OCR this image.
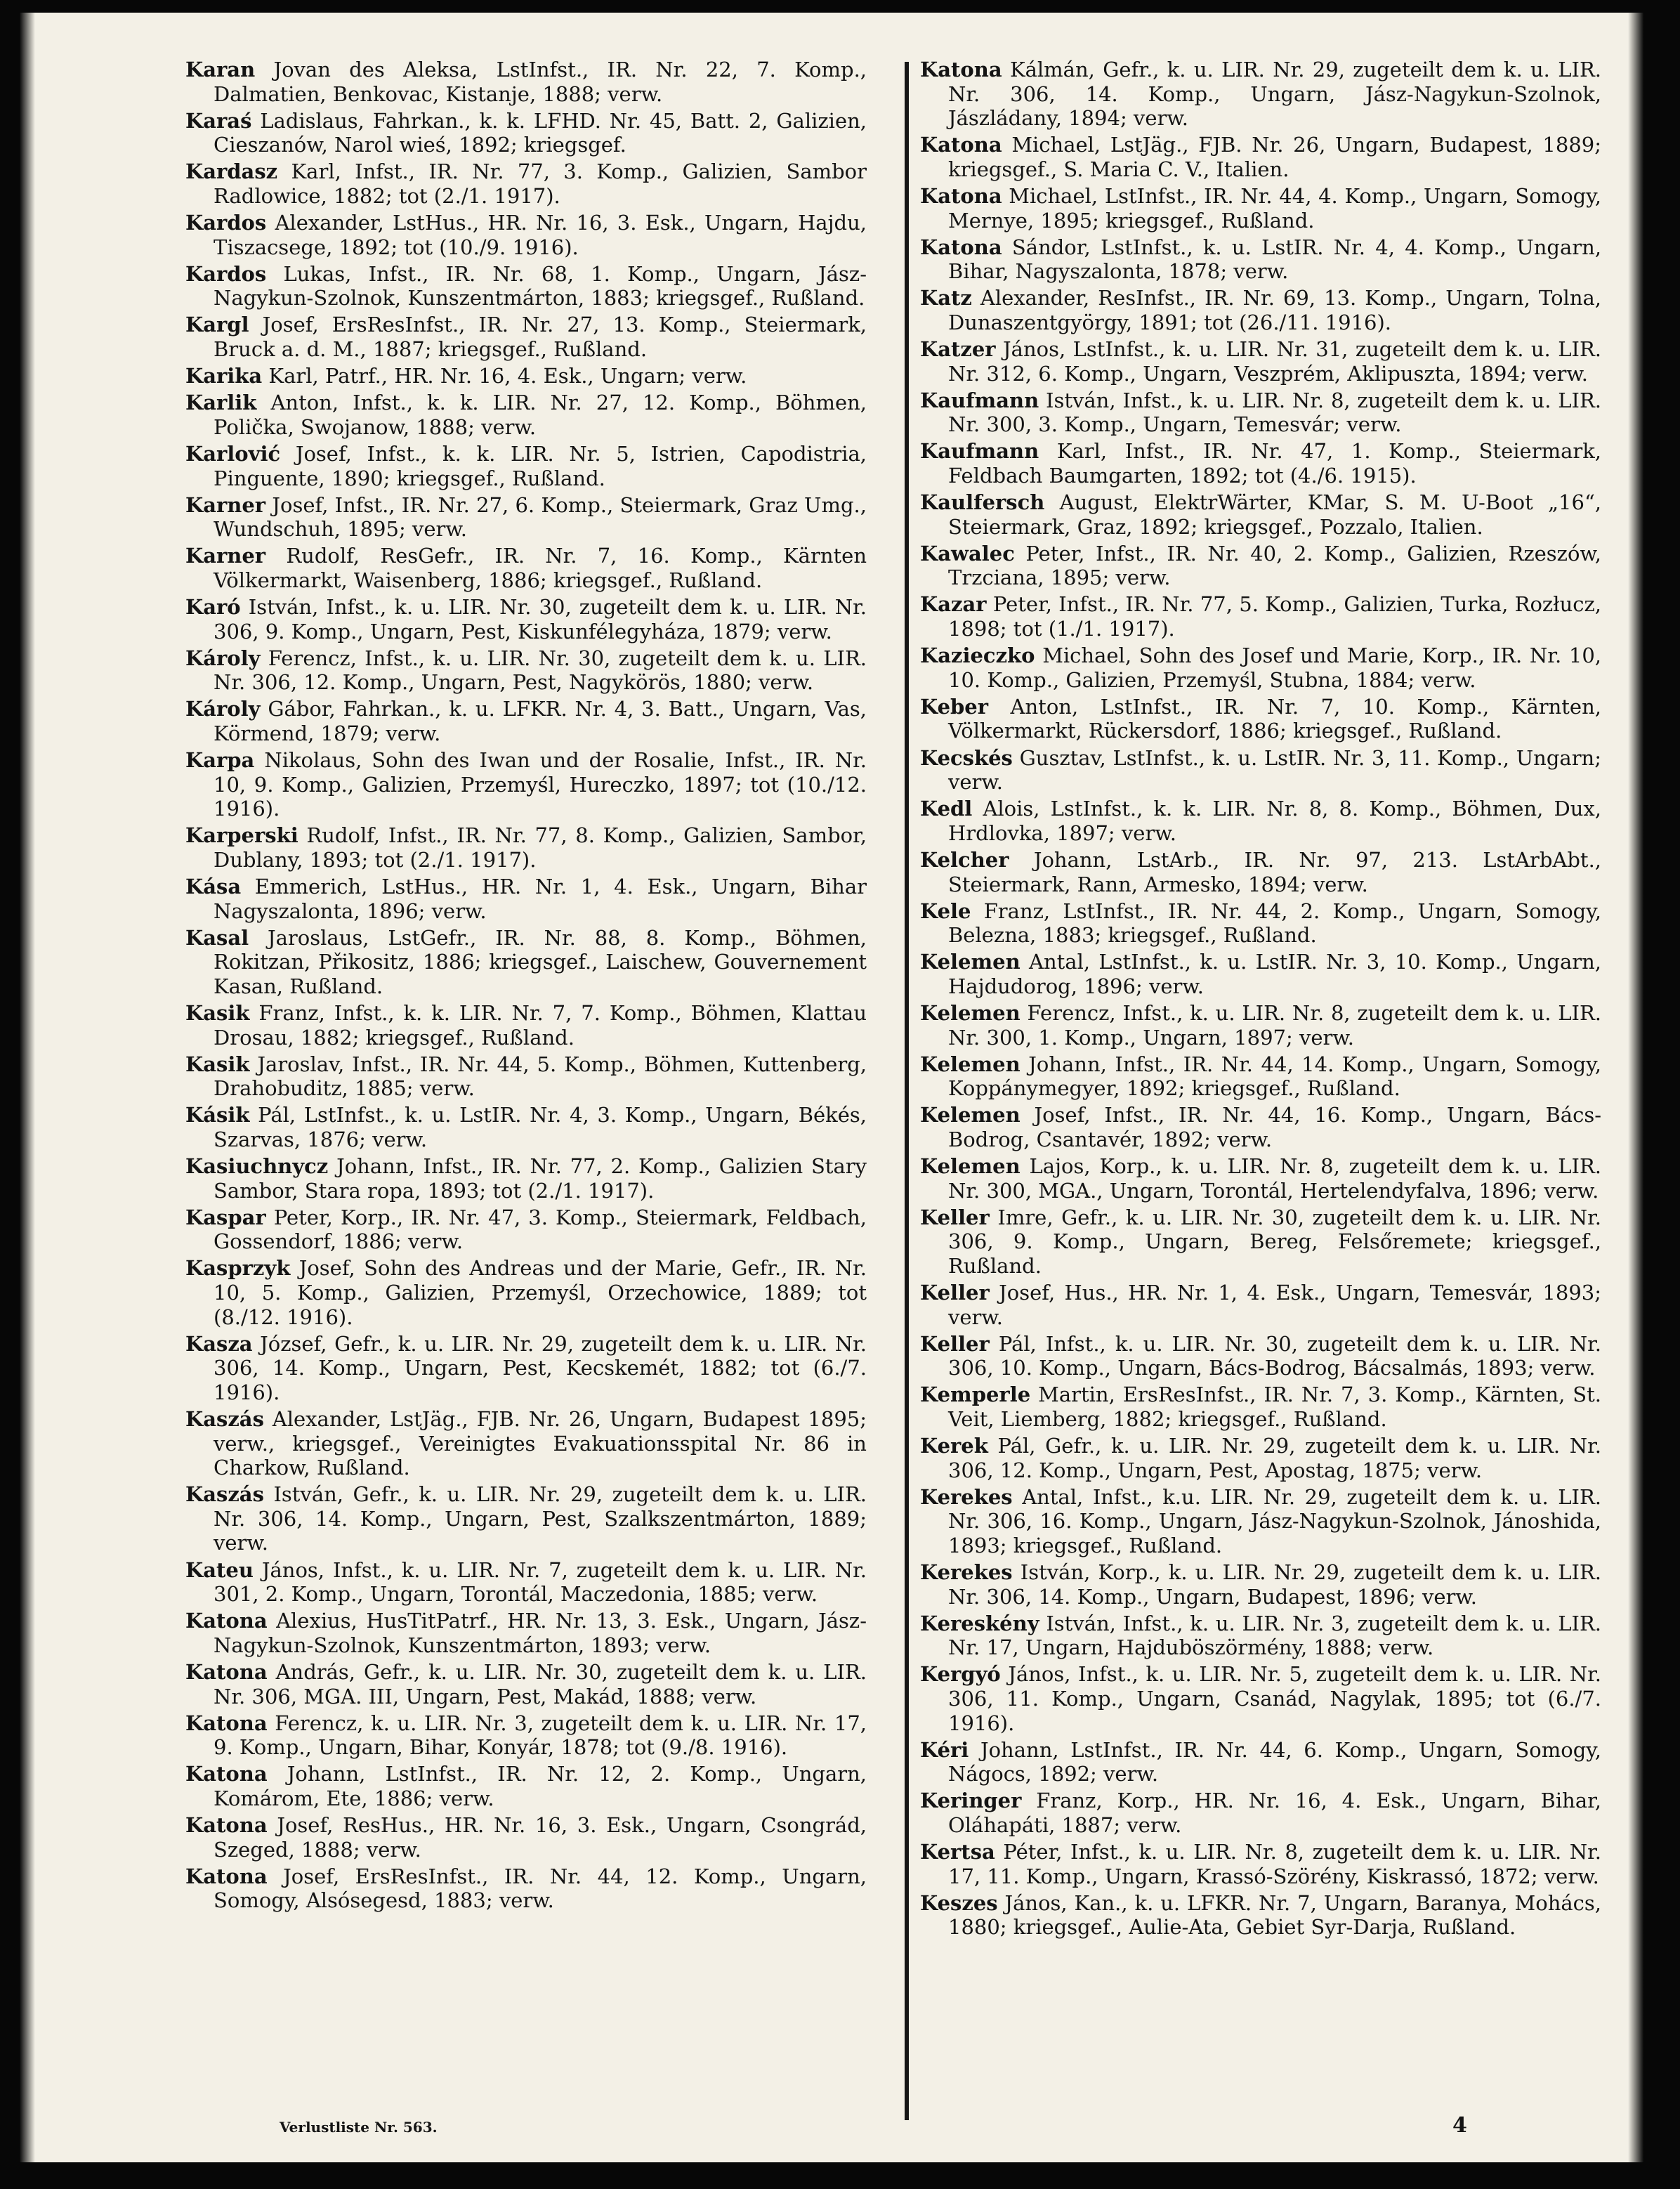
Karan Jovan des Aleksa, LstInfst., IR. Nr. 22, 7. Komp., Dalmatien, Benkovac, Kistanje, 1888; verw.

Karaś Ladislaus, Fahrkan., k. k. LFHD. Nr. 45, Batt. 2, Galizien, Cieszanów, Narol wieś, 1892; kriegsgef.

Kardasz Karl, Infst., IR. Nr. 77, 3. Komp., Galizien, Sambor Radlowice, 1882; tot (2./1. 1917).

Kardos Alexander, LstHus., HR. Nr. 16, 3. Esk., Ungarn, Hajdu, Tiszacsege, 1892; tot (10./9. 1916).

Kardos Lukas, Infst., IR. Nr. 68, 1. Komp., Ungarn, Jász-Nagykun-Szolnok, Kunszentmárton, 1883; kriegsgef., Rußland.

Kargl Josef, ErsResInfst., IR. Nr. 27, 13. Komp., Steiermark, Bruck a. d. M., 1887; kriegsgef., Rußland.

Karika Karl, Patrf., HR. Nr. 16, 4. Esk., Ungarn; verw.

Karlik Anton, Infst., k. k. LIR. Nr. 27, 12. Komp., Böhmen, Polička, Swojanow, 1888; verw.

Karlović Josef, Infst., k. k. LIR. Nr. 5, Istrien, Capodistria, Pinguente, 1890; kriegsgef., Rußland.

Karner Josef, Infst., IR. Nr. 27, 6. Komp., Steiermark, Graz Umg., Wundschuh, 1895; verw.

Karner Rudolf, ResGefr., IR. Nr. 7, 16. Komp., Kärnten Völkermarkt, Waisenberg, 1886; kriegsgef., Rußland.

Karó István, Infst., k. u. LIR. Nr. 30, zugeteilt dem k. u. LIR. Nr. 306, 9. Komp., Ungarn, Pest, Kiskunfélegyháza, 1879; verw.

Károly Ferencz, Infst., k. u. LIR. Nr. 30, zugeteilt dem k. u. LIR. Nr. 306, 12. Komp., Ungarn, Pest, Nagykörös, 1880; verw.

Károly Gábor, Fahrkan., k. u. LFKR. Nr. 4, 3. Batt., Ungarn, Vas, Körmend, 1879; verw.

Karpa Nikolaus, Sohn des Iwan und der Rosalie, Infst., IR. Nr. 10, 9. Komp., Galizien, Przemyśl, Hureczko, 1897; tot (10./12. 1916).

Karperski Rudolf, Infst., IR. Nr. 77, 8. Komp., Galizien, Sambor, Dublany, 1893; tot (2./1. 1917).

Kása Emmerich, LstHus., HR. Nr. 1, 4. Esk., Ungarn, Bihar Nagyszalonta, 1896; verw.

Kasal Jaroslaus, LstGefr., IR. Nr. 88, 8. Komp., Böhmen, Rokitzan, Přikositz, 1886; kriegsgef., Laischew, Gouvernement Kasan, Rußland.

Kasik Franz, Infst., k. k. LIR. Nr. 7, 7. Komp., Böhmen, Klattau Drosau, 1882; kriegsgef., Rußland.

Kasik Jaroslav, Infst., IR. Nr. 44, 5. Komp., Böhmen, Kuttenberg, Drahobuditz, 1885; verw.

Kásik Pál, LstInfst., k. u. LstIR. Nr. 4, 3. Komp., Ungarn, Békés, Szarvas, 1876; verw.

Kasiuchnycz Johann, Infst., IR. Nr. 77, 2. Komp., Galizien Stary Sambor, Stara ropa, 1893; tot (2./1. 1917).

Kaspar Peter, Korp., IR. Nr. 47, 3. Komp., Steiermark, Feldbach, Gossendorf, 1886; verw.

Kasprzyk Josef, Sohn des Andreas und der Marie, Gefr., IR. Nr. 10, 5. Komp., Galizien, Przemyśl, Orzechowice, 1889; tot (8./12. 1916).

Kasza József, Gefr., k. u. LIR. Nr. 29, zugeteilt dem k. u. LIR. Nr. 306, 14. Komp., Ungarn, Pest, Kecskemét, 1882; tot (6./7. 1916).

Kaszás Alexander, LstJäg., FJB. Nr. 26, Ungarn, Budapest 1895; verw., kriegsgef., Vereinigtes Evakuationsspital Nr. 86 in Charkow, Rußland.

Kaszás István, Gefr., k. u. LIR. Nr. 29, zugeteilt dem k. u. LIR. Nr. 306, 14. Komp., Ungarn, Pest, Szalkszentmárton, 1889; verw.

Kateu János, Infst., k. u. LIR. Nr. 7, zugeteilt dem k. u. LIR. Nr. 301, 2. Komp., Ungarn, Torontál, Maczedonia, 1885; verw.

Katona Alexius, HusTitPatrf., HR. Nr. 13, 3. Esk., Ungarn, Jász-Nagykun-Szolnok, Kunszentmárton, 1893; verw.

Katona András, Gefr., k. u. LIR. Nr. 30, zugeteilt dem k. u. LIR. Nr. 306, MGA. III, Ungarn, Pest, Makád, 1888; verw.

Katona Ferencz, k. u. LIR. Nr. 3, zugeteilt dem k. u. LIR. Nr. 17, 9. Komp., Ungarn, Bihar, Konyár, 1878; tot (9./8. 1916).

Katona Johann, LstInfst., IR. Nr. 12, 2. Komp., Ungarn, Komárom, Ete, 1886; verw.

Katona Josef, ResHus., HR. Nr. 16, 3. Esk., Ungarn, Csongrád, Szeged, 1888; verw.

Katona Josef, ErsResInfst., IR. Nr. 44, 12. Komp., Ungarn, Somogy, Alsósegesd, 1883; verw.

Katona Kálmán, Gefr., k. u. LIR. Nr. 29, zugeteilt dem k. u. LIR. Nr. 306, 14. Komp., Ungarn, Jász-Nagykun-Szolnok, Jászládany, 1894; verw.

Katona Michael, LstJäg., FJB. Nr. 26, Ungarn, Budapest, 1889; kriegsgef., S. Maria C. V., Italien.

Katona Michael, LstInfst., IR. Nr. 44, 4. Komp., Ungarn, Somogy, Mernye, 1895; kriegsgef., Rußland.

Katona Sándor, LstInfst., k. u. LstIR. Nr. 4, 4. Komp., Ungarn, Bihar, Nagyszalonta, 1878; verw.

Katz Alexander, ResInfst., IR. Nr. 69, 13. Komp., Ungarn, Tolna, Dunaszentgyörgy, 1891; tot (26./11. 1916).

Katzer János, LstInfst., k. u. LIR. Nr. 31, zugeteilt dem k. u. LIR. Nr. 312, 6. Komp., Ungarn, Veszprém, Aklipuszta, 1894; verw.

Kaufmann István, Infst., k. u. LIR. Nr. 8, zugeteilt dem k. u. LIR. Nr. 300, 3. Komp., Ungarn, Temesvár; verw.

Kaufmann Karl, Infst., IR. Nr. 47, 1. Komp., Steiermark, Feldbach Baumgarten, 1892; tot (4./6. 1915).

Kaulfersch August, ElektrWärter, KMar, S. M. U-Boot „16“, Steiermark, Graz, 1892; kriegsgef., Pozzalo, Italien.

Kawalec Peter, Infst., IR. Nr. 40, 2. Komp., Galizien, Rzeszów, Trzciana, 1895; verw.

Kazar Peter, Infst., IR. Nr. 77, 5. Komp., Galizien, Turka, Rozłucz, 1898; tot (1./1. 1917).

Kazieczko Michael, Sohn des Josef und Marie, Korp., IR. Nr. 10, 10. Komp., Galizien, Przemyśl, Stubna, 1884; verw.

Keber Anton, LstInfst., IR. Nr. 7, 10. Komp., Kärnten, Völkermarkt, Rückersdorf, 1886; kriegsgef., Rußland.

Kecskés Gusztav, LstInfst., k. u. LstIR. Nr. 3, 11. Komp., Ungarn; verw.

Kedl Alois, LstInfst., k. k. LIR. Nr. 8, 8. Komp., Böhmen, Dux, Hrdlovka, 1897; verw.

Kelcher Johann, LstArb., IR. Nr. 97, 213. LstArbAbt., Steiermark, Rann, Armesko, 1894; verw.

Kele Franz, LstInfst., IR. Nr. 44, 2. Komp., Ungarn, Somogy, Belezna, 1883; kriegsgef., Rußland.

Kelemen Antal, LstInfst., k. u. LstIR. Nr. 3, 10. Komp., Ungarn, Hajdudorog, 1896; verw.

Kelemen Ferencz, Infst., k. u. LIR. Nr. 8, zugeteilt dem k. u. LIR. Nr. 300, 1. Komp., Ungarn, 1897; verw.

Kelemen Johann, Infst., IR. Nr. 44, 14. Komp., Ungarn, Somogy, Koppánymegyer, 1892; kriegsgef., Rußland.

Kelemen Josef, Infst., IR. Nr. 44, 16. Komp., Ungarn, Bács-Bodrog, Csantavér, 1892; verw.

Kelemen Lajos, Korp., k. u. LIR. Nr. 8, zugeteilt dem k. u. LIR. Nr. 300, MGA., Ungarn, Torontál, Hertelendyfalva, 1896; verw.

Keller Imre, Gefr., k. u. LIR. Nr. 30, zugeteilt dem k. u. LIR. Nr. 306, 9. Komp., Ungarn, Bereg, Felsőremete; kriegsgef., Rußland.

Keller Josef, Hus., HR. Nr. 1, 4. Esk., Ungarn, Temesvár, 1893; verw.

Keller Pál, Infst., k. u. LIR. Nr. 30, zugeteilt dem k. u. LIR. Nr. 306, 10. Komp., Ungarn, Bács-Bodrog, Bácsalmás, 1893; verw.

Kemperle Martin, ErsResInfst., IR. Nr. 7, 3. Komp., Kärnten, St. Veit, Liemberg, 1882; kriegsgef., Rußland.

Kerek Pál, Gefr., k. u. LIR. Nr. 29, zugeteilt dem k. u. LIR. Nr. 306, 12. Komp., Ungarn, Pest, Apostag, 1875; verw.

Kerekes Antal, Infst., k.u. LIR. Nr. 29, zugeteilt dem k. u. LIR. Nr. 306, 16. Komp., Ungarn, Jász-Nagykun-Szolnok, Jánoshida, 1893; kriegsgef., Rußland.

Kerekes István, Korp., k. u. LIR. Nr. 29, zugeteilt dem k. u. LIR. Nr. 306, 14. Komp., Ungarn, Budapest, 1896; verw.

Kereskény István, Infst., k. u. LIR. Nr. 3, zugeteilt dem k. u. LIR. Nr. 17, Ungarn, Hajduböszörmény, 1888; verw.

Kergyó János, Infst., k. u. LIR. Nr. 5, zugeteilt dem k. u. LIR. Nr. 306, 11. Komp., Ungarn, Csanád, Nagylak, 1895; tot (6./7. 1916).

Kéri Johann, LstInfst., IR. Nr. 44, 6. Komp., Ungarn, Somogy, Nágocs, 1892; verw.

Keringer Franz, Korp., HR. Nr. 16, 4. Esk., Ungarn, Bihar, Oláhapáti, 1887; verw.

Kertsa Péter, Infst., k. u. LIR. Nr. 8, zugeteilt dem k. u. LIR. Nr. 17, 11. Komp., Ungarn, Krassó-Szörény, Kiskrassó, 1872; verw.

Keszes János, Kan., k. u. LFKR. Nr. 7, Ungarn, Baranya, Mohács, 1880; kriegsgef., Aulie-Ata, Gebiet Syr-Darja, Rußland.

Verlustliste Nr. 563.	4
